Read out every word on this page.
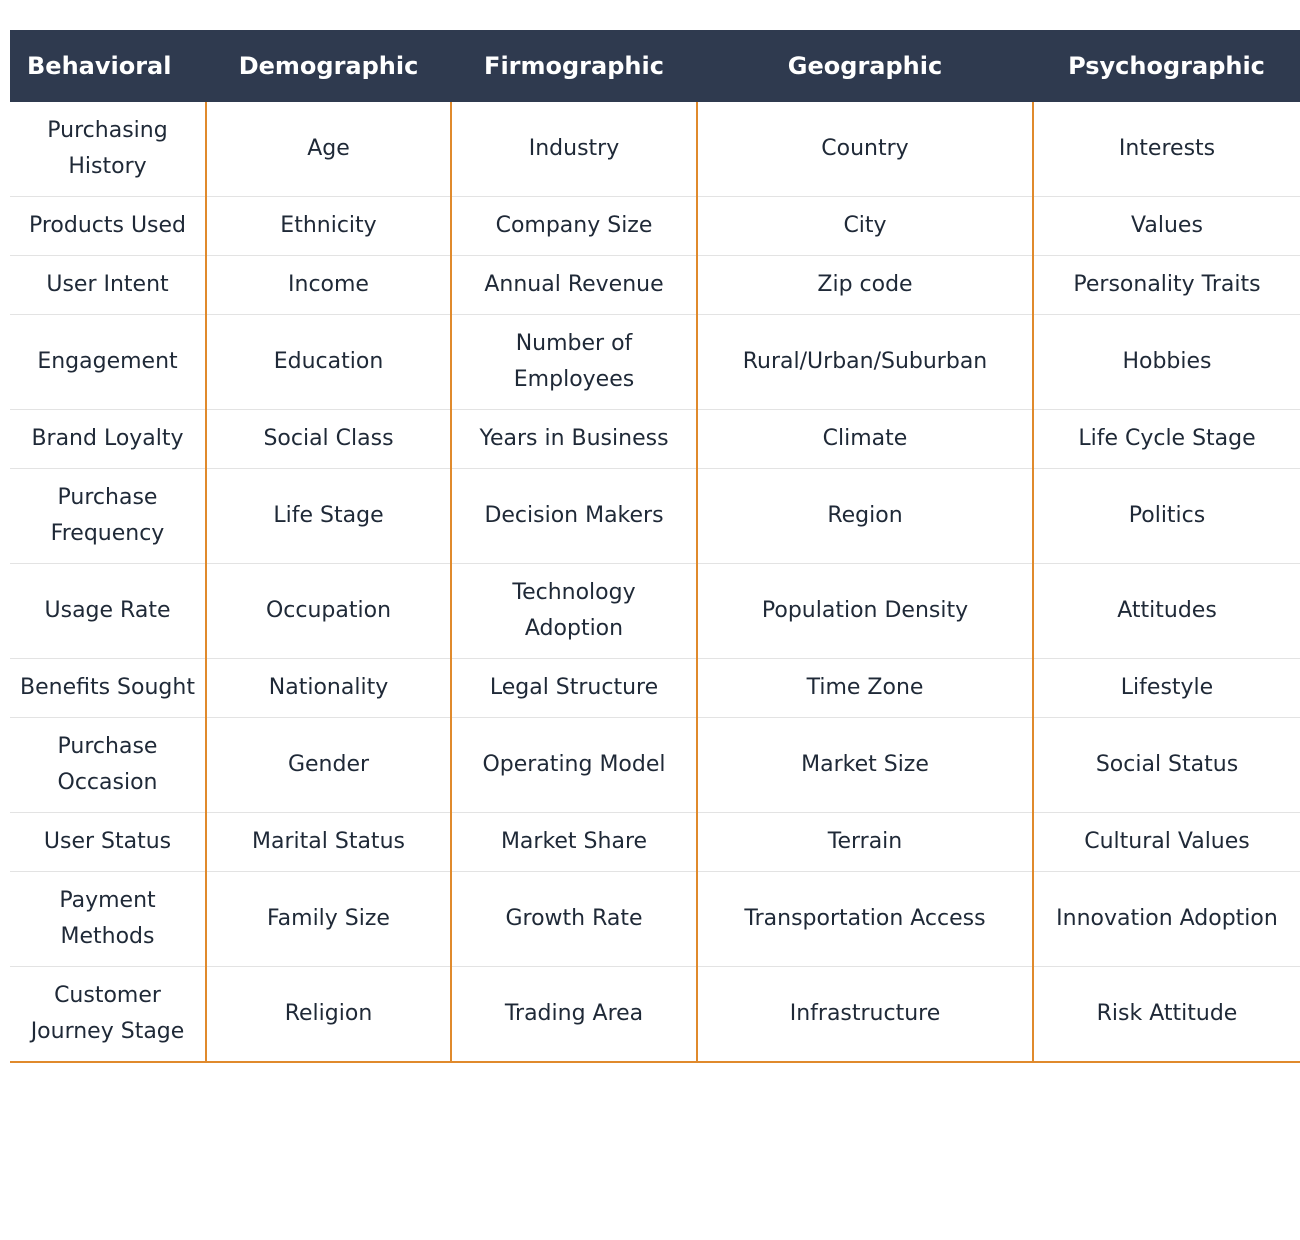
Behavioral	Demographic	Firmographic	Geographic	Psychographic
Purchasing History	Age	Industry	Country	Interests
Products Used	Ethnicity	Company Size	City	Values
User Intent	Income	Annual Revenue	Zip code	Personality Traits
Engagement	Education	Number of Employees	Rural/Urban/Suburban	Hobbies
Brand Loyalty	Social Class	Years in Business	Climate	Life Cycle Stage
Purchase Frequency	Life Stage	Decision Makers	Region	Politics
Usage Rate	Occupation	Technology Adoption	Population Density	Attitudes
Benefits Sought	Nationality	Legal Structure	Time Zone	Lifestyle
Purchase Occasion	Gender	Operating Model	Market Size	Social Status
User Status	Marital Status	Market Share	Terrain	Cultural Values
Payment Methods	Family Size	Growth Rate	Transportation Access	Innovation Adoption
Customer Journey Stage	Religion	Trading Area	Infrastructure	Risk Attitude
